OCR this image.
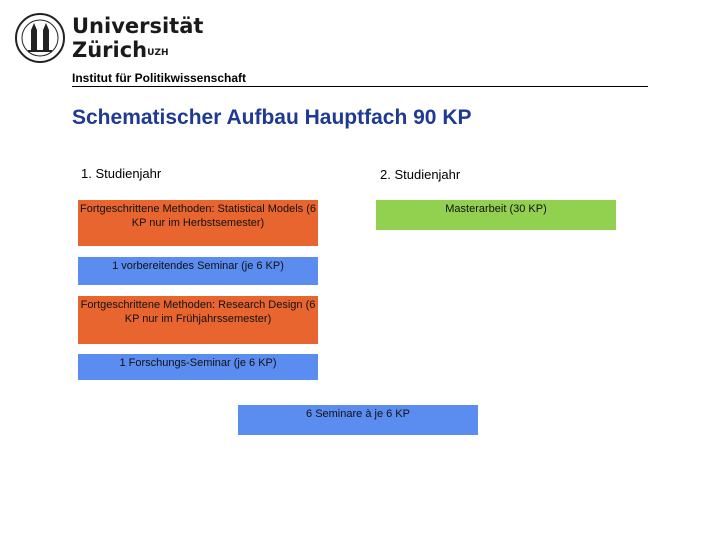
Universität
Zürich$^{UZH}$
Institut für Politikwissenschaft
Schematischer Aufbau Hauptfach 90 KP
1. Studienjahr	2. Studienjahr
Fortgeschrittene Methoden: Statistical Models (6 KP nur im Herbstsemester)
1 vorbereitendes Seminar (je 6 KP)
Fortgeschrittene Methoden: Research Design (6 KP nur im Frühjahrssemester)
1 Forschungs-Seminar (je 6 KP)
6 Seminare à je 6 KP
Masterarbeit (30 KP)
